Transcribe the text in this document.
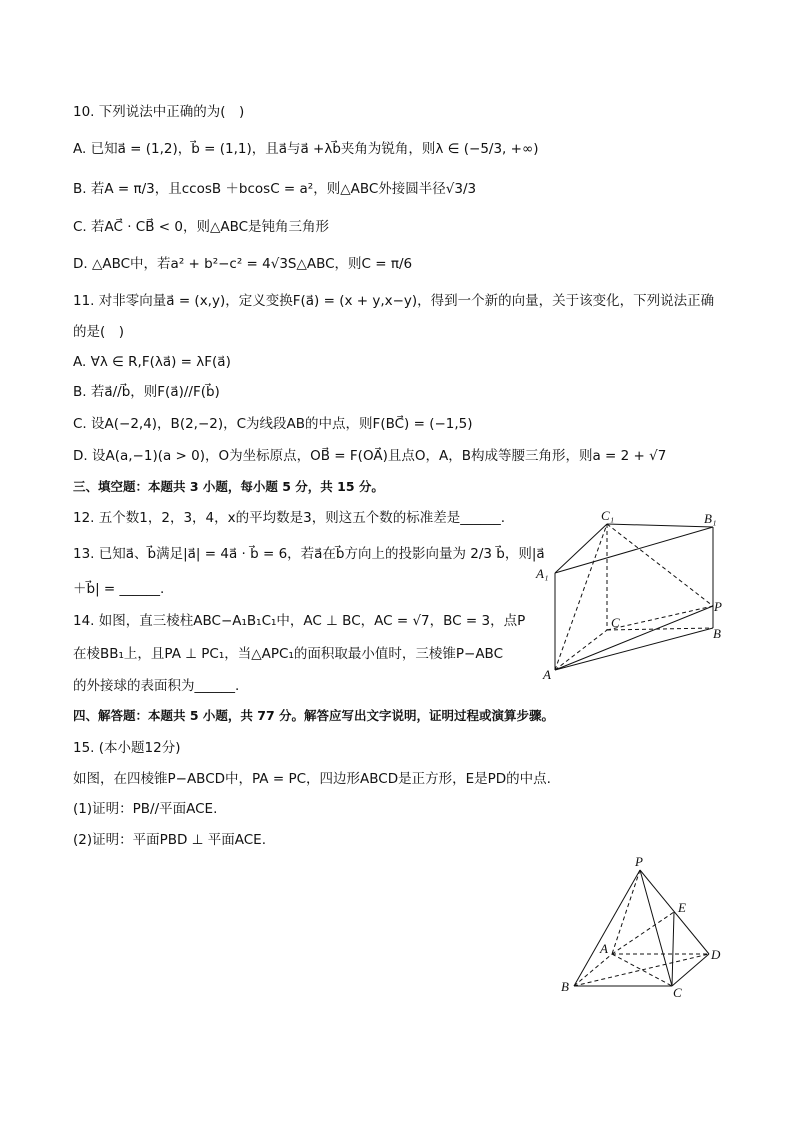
10. 下列说法中正确的为(　)
A. 已知a⃗ = (1,2)，b⃗ = (1,1)，且a⃗与a⃗ +λb⃗夹角为锐角，则λ ∈ (−5/3, +∞)
B. 若A = π/3，且ccosB ＋bcosC = a²，则△ABC外接圆半径√3/3
C. 若AC⃗ · CB⃗ < 0，则△ABC是钝角三角形
D. △ABC中，若a² + b²−c² = 4√3S△ABC，则C = π/6
11. 对非零向量a⃗ = (x,y)，定义变换F(a⃗) = (x + y,x−y)，得到一个新的向量，关于该变化，下列说法正确
的是(　)
A. ∀λ ∈ R,F(λa⃗) = λF(a⃗)
B. 若a⃗//b⃗，则F(a⃗)//F(b⃗)
C. 设A(−2,4)，B(2,−2)，C为线段AB的中点，则F(BC⃗) = (−1,5)
D. 设A(a,−1)(a > 0)，O为坐标原点，OB⃗ = F(OA⃗)且点O，A，B构成等腰三角形，则a = 2 + √7
三、填空题：本题共 3 小题，每小题 5 分，共 15 分。
12. 五个数1，2，3，4，x的平均数是3，则这五个数的标准差是______.
13. 已知a⃗、b⃗满足|a⃗| = 4a⃗ · b⃗ = 6，若a⃗在b⃗方向上的投影向量为 2/3 b⃗，则|a⃗
＋b⃗| = ______.
14. 如图，直三棱柱ABC−A₁B₁C₁中，AC ⊥ BC，AC = √7，BC = 3，点P
在棱BB₁上，且PA ⊥ PC₁，当△APC₁的面积取最小值时，三棱锥P−ABC
的外接球的表面积为______.
四、解答题：本题共 5 小题，共 77 分。解答应写出文字说明，证明过程或演算步骤。
15. (本小题12分)
如图，在四棱锥P−ABCD中，PA = PC，四边形ABCD是正方形，E是PD的中点.
(1)证明：PB//平面ACE.
(2)证明：平面PBD ⊥ 平面ACE.
C₁	B₁
A₁
P
C
B
A
P
E
A	D
B	C
